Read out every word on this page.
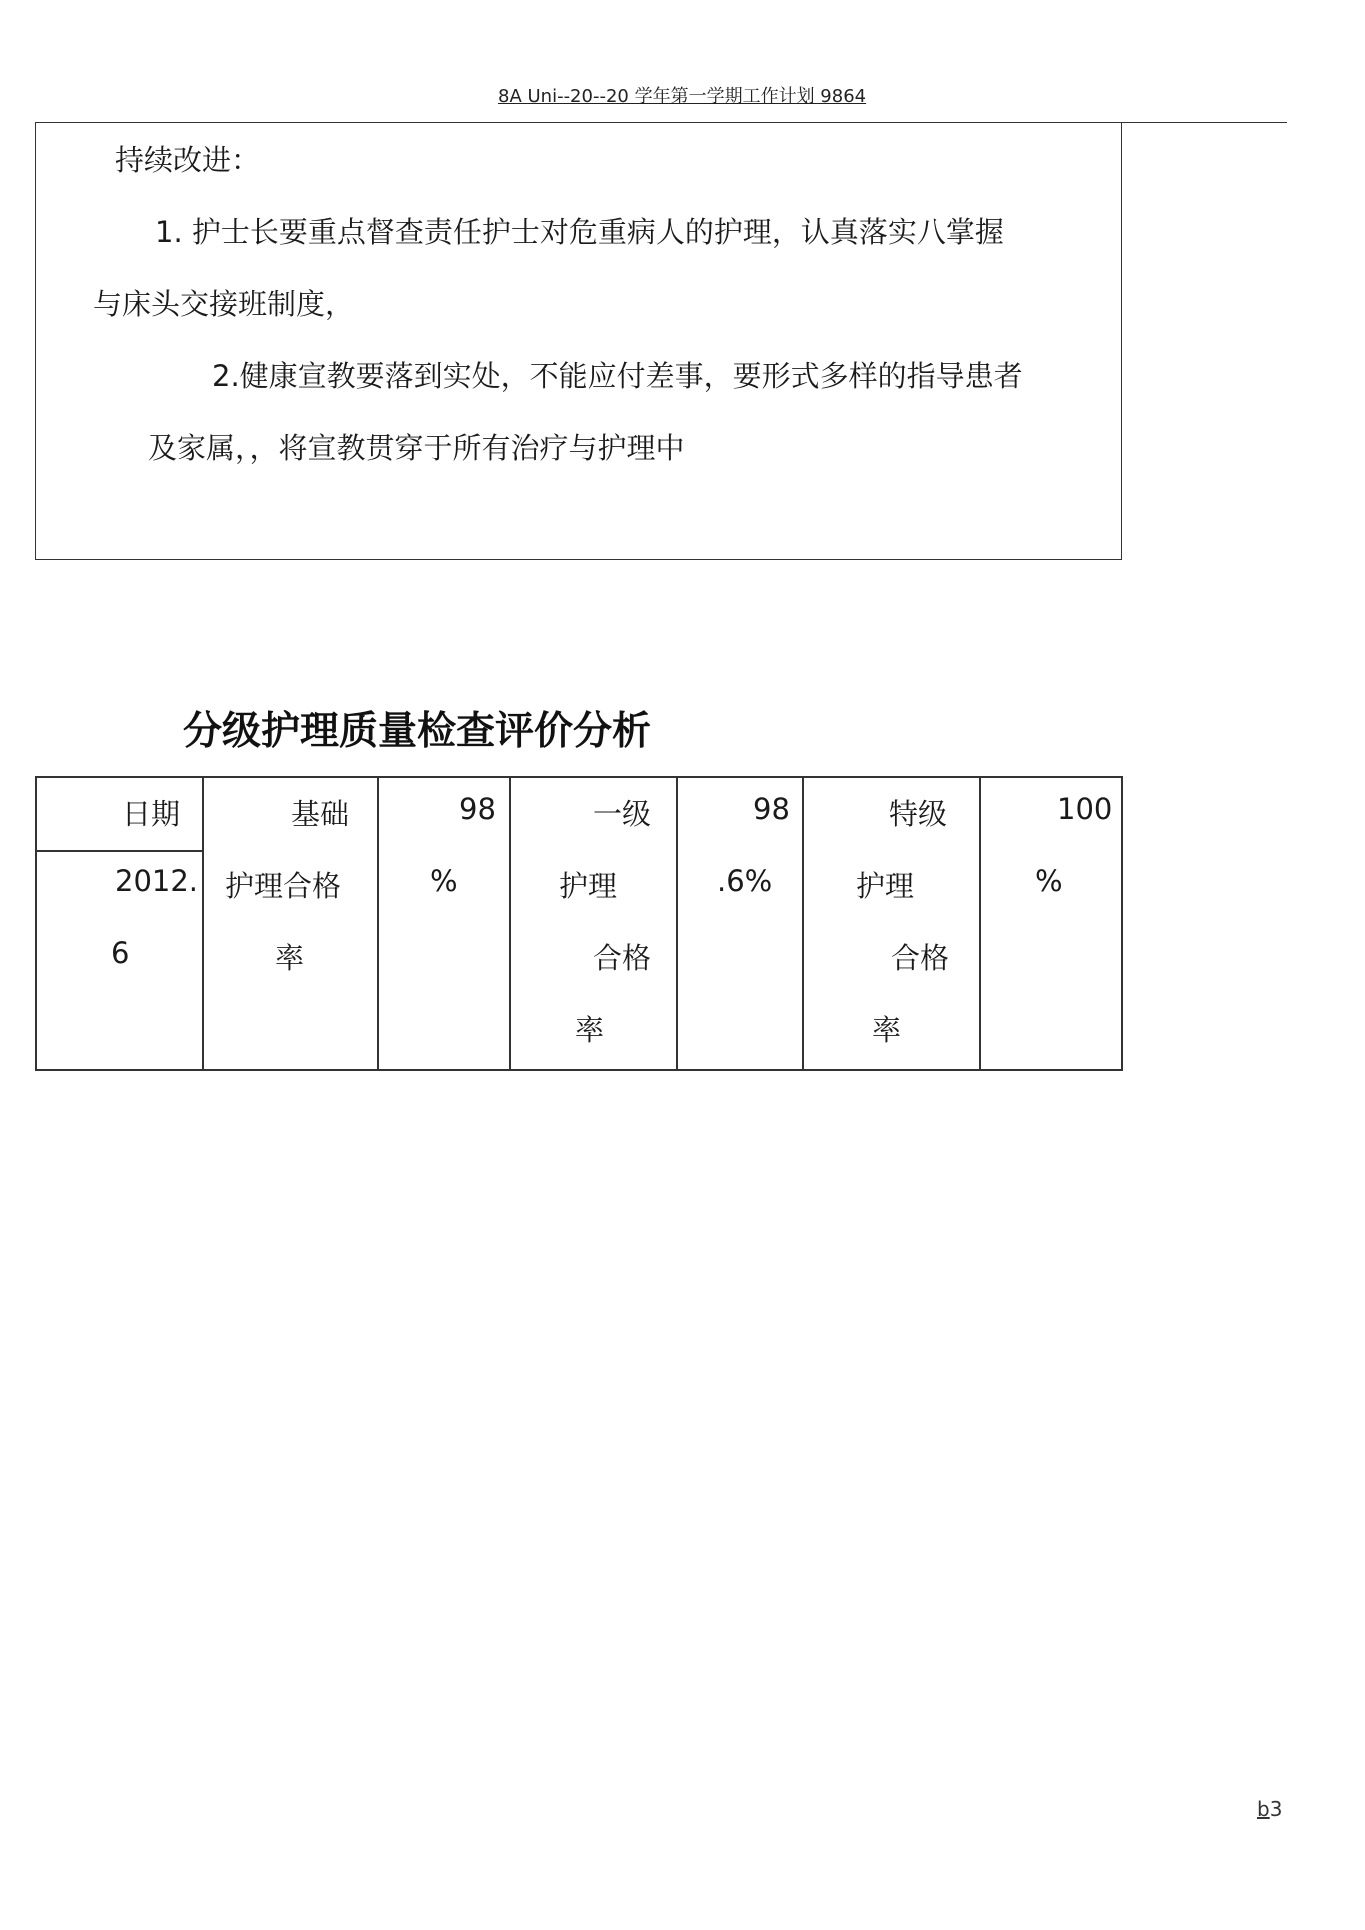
8A Uni--20--20 学年第一学期工作计划 9864
持续改进：
1. 护士长要重点督查责任护士对危重病人的护理，认真落实八掌握
与床头交接班制度，
2.健康宣教要落到实处，不能应付差事，要形式多样的指导患者
及家属，，将宣教贯穿于所有治疗与护理中
分级护理质量检查评价分析
日期
2012.
6
基础
护理合格
率
98
%
一级
护理
合格
率
98
.6%
特级
护理
合格
率
100
%
b3
